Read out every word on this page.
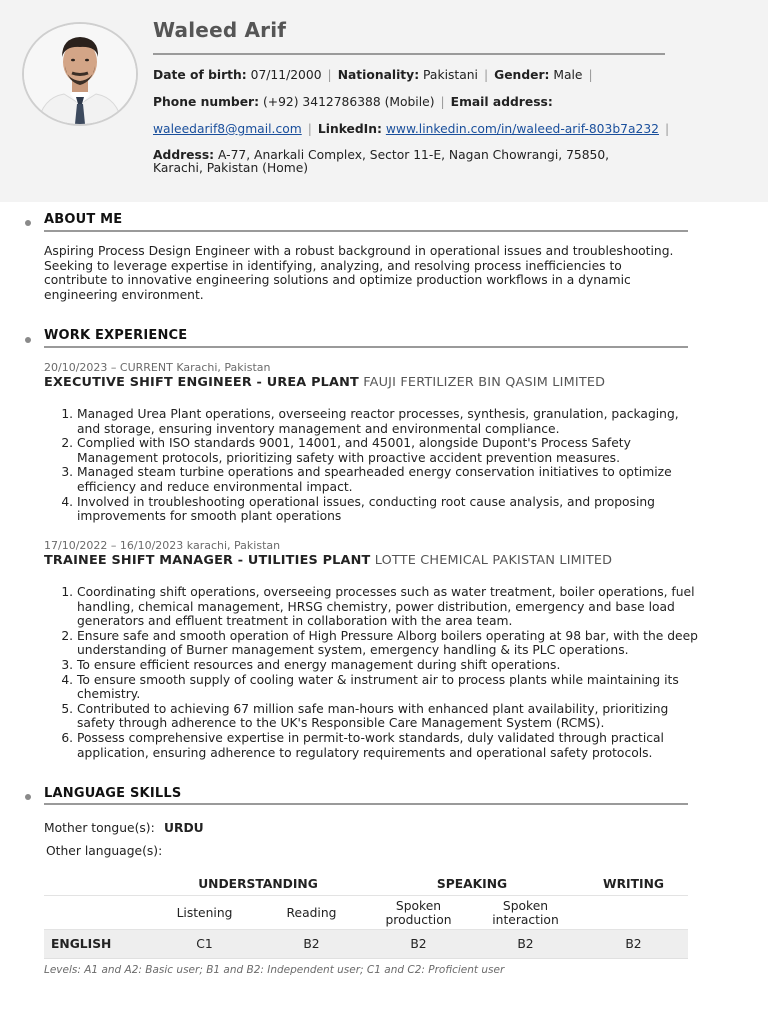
Waleed Arif
Date of birth: 07/11/2000 | Nationality: Pakistani | Gender: Male |
Phone number: (+92) 3412786388 (Mobile) | Email address:
waleedarif8@gmail.com | LinkedIn: www.linkedin.com/in/waleed-arif-803b7a232 |
Address: A-77, Anarkali Complex, Sector 11-E, Nagan Chowrangi, 75850, Karachi, Pakistan (Home)
ABOUT ME
Aspiring Process Design Engineer with a robust background in operational issues and troubleshooting. Seeking to leverage expertise in identifying, analyzing, and resolving process inefficiencies to contribute to innovative engineering solutions and optimize production workflows in a dynamic engineering environment.
WORK EXPERIENCE
20/10/2023 – CURRENT Karachi, Pakistan
EXECUTIVE SHIFT ENGINEER - UREA PLANT FAUJI FERTILIZER BIN QASIM LIMITED
1. Managed Urea Plant operations, overseeing reactor processes, synthesis, granulation, packaging, and storage, ensuring inventory management and environmental compliance.
2. Complied with ISO standards 9001, 14001, and 45001, alongside Dupont's Process Safety Management protocols, prioritizing safety with proactive accident prevention measures.
3. Managed steam turbine operations and spearheaded energy conservation initiatives to optimize efficiency and reduce environmental impact.
4. Involved in troubleshooting operational issues, conducting root cause analysis, and proposing improvements for smooth plant operations
17/10/2022 – 16/10/2023 karachi, Pakistan
TRAINEE SHIFT MANAGER - UTILITIES PLANT LOTTE CHEMICAL PAKISTAN LIMITED
1. Coordinating shift operations, overseeing processes such as water treatment, boiler operations, fuel handling, chemical management, HRSG chemistry, power distribution, emergency and base load generators and effluent treatment in collaboration with the area team.
2. Ensure safe and smooth operation of High Pressure Alborg boilers operating at 98 bar, with the deep understanding of Burner management system, emergency handling & its PLC operations.
3. To ensure efficient resources and energy management during shift operations.
4. To ensure smooth supply of cooling water & instrument air to process plants while maintaining its chemistry.
5. Contributed to achieving 67 million safe man-hours with enhanced plant availability, prioritizing safety through adherence to the UK's Responsible Care Management System (RCMS).
6. Possess comprehensive expertise in permit-to-work standards, duly validated through practical application, ensuring adherence to regulatory requirements and operational safety protocols.
LANGUAGE SKILLS
Mother tongue(s): URDU
Other language(s):
	UNDERSTANDING		SPEAKING		WRITING
	Listening	Reading	Spoken production	Spoken interaction	
ENGLISH	C1	B2	B2	B2	B2
Levels: A1 and A2: Basic user; B1 and B2: Independent user; C1 and C2: Proficient user
